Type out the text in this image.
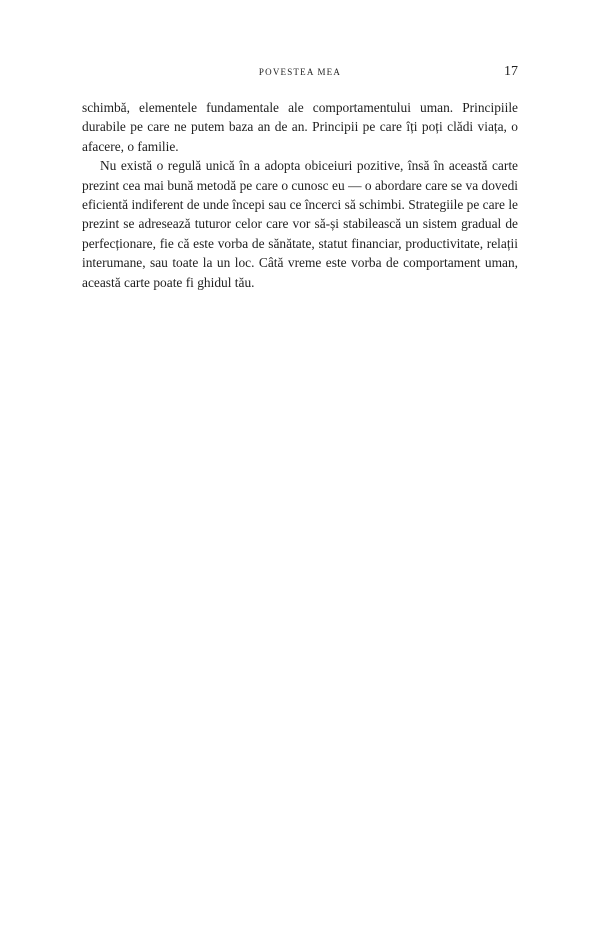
POVESTEA MEA	17

schimbă, elementele fundamentale ale comportamentului uman. Principiile durabile pe care ne putem baza an de an. Principii pe care îți poți clădi viața, o afacere, o familie.

Nu există o regulă unică în a adopta obiceiuri pozitive, însă în această carte prezint cea mai bună metodă pe care o cunosc eu — o abordare care se va dovedi eficientă indiferent de unde începi sau ce încerci să schimbi. Strategiile pe care le prezint se adresează tuturor celor care vor să-și stabilească un sistem gradual de perfecționare, fie că este vorba de sănătate, statut financiar, productivitate, relații interumane, sau toate la un loc. Câtă vreme este vorba de comportament uman, această carte poate fi ghidul tău.
